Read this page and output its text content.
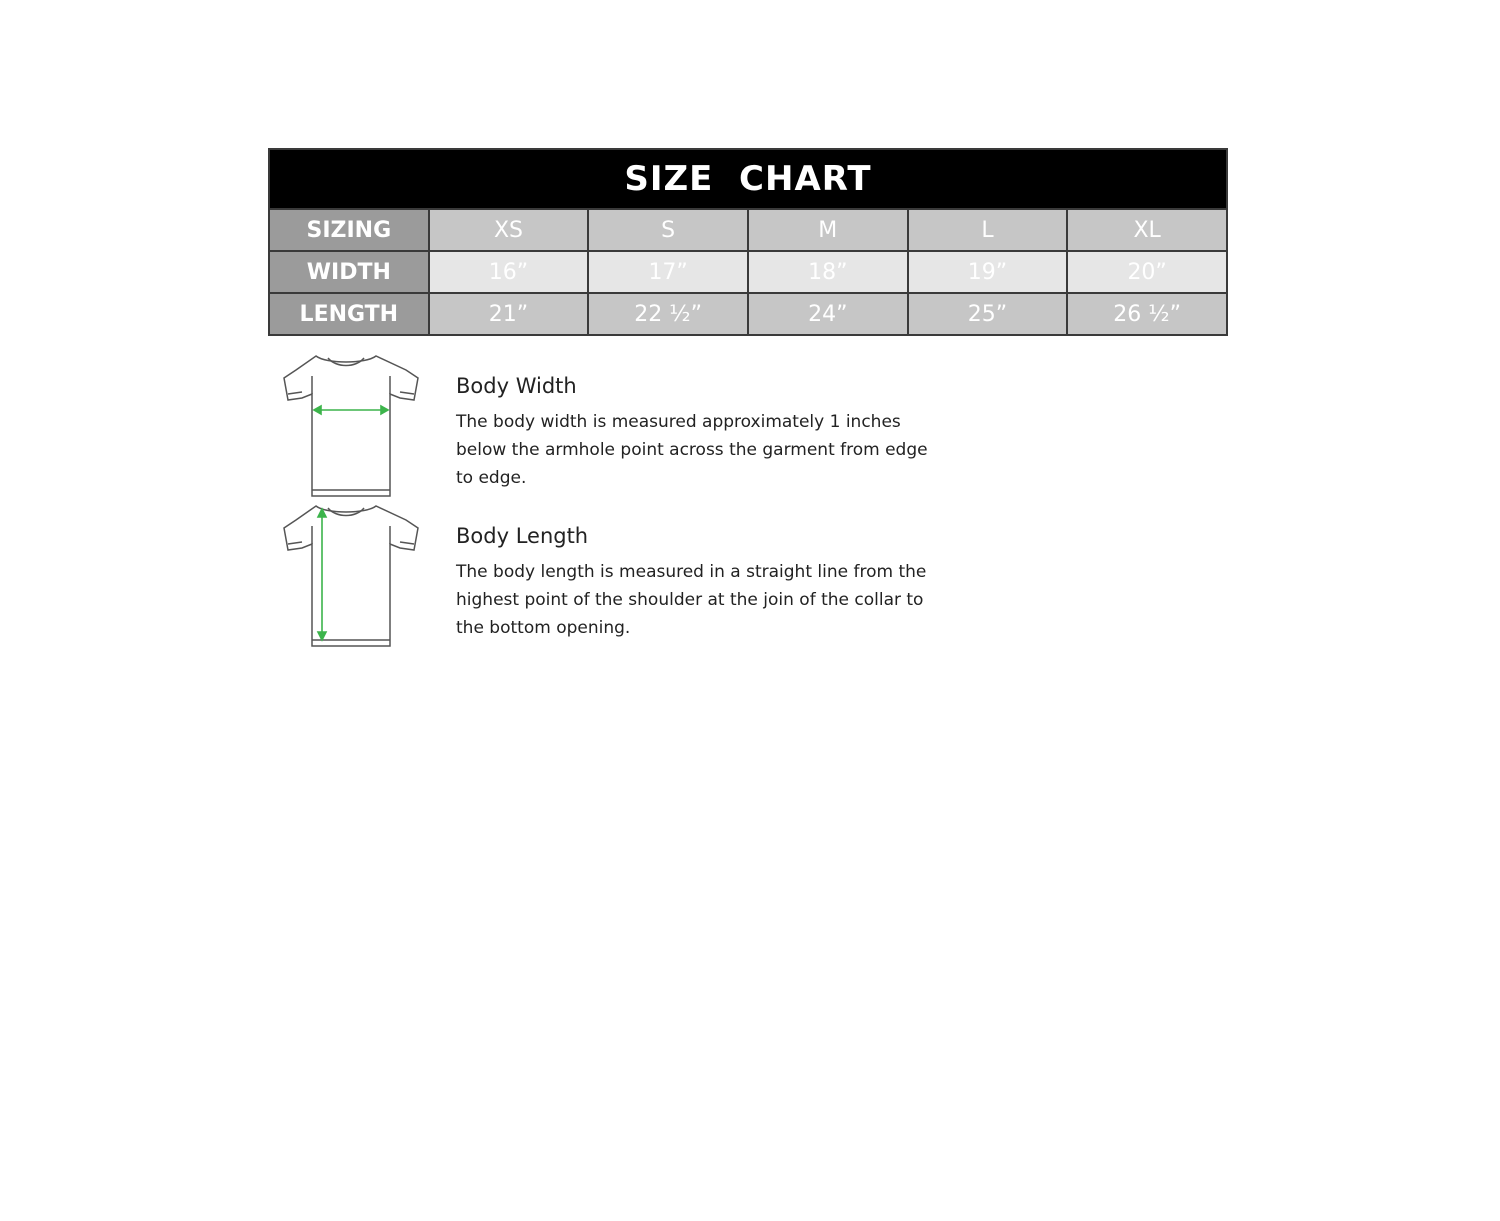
SIZE  CHART					
SIZING	XS	S	M	L	XL
WIDTH	16”	17”	18”	19”	20”
LENGTH	21”	22 ½”	24”	25”	26 ½”
Body Width

The body width is measured approximately 1 inches below the armhole point across the garment from edge to edge.

Body Length

The body length is measured in a straight line from the highest point of the shoulder at the join of the collar to the bottom opening.
